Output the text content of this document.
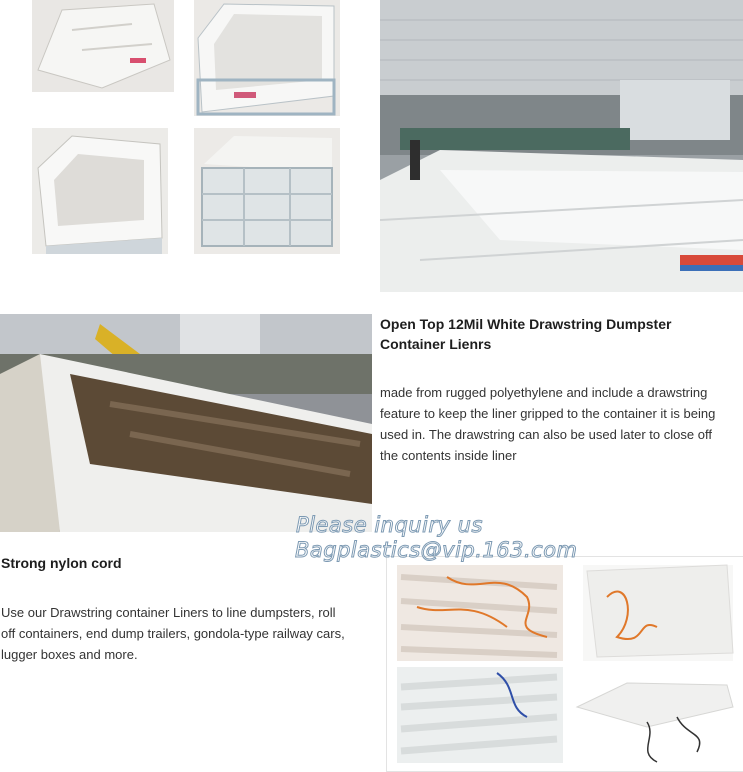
Open Top 12Mil White Drawstring Dumpster
Container Lienrs
made from rugged polyethylene and include a drawstring
feature to keep the liner gripped to the container it is being
used in. The drawstring can also be used later to close off
the contents inside liner
Strong nylon cord
Use our Drawstring container Liners to line dumpsters, roll
off containers, end dump trailers, gondola-type railway cars,
lugger boxes and more.
Please inquiry us
Bagplastics@vip.163.com
